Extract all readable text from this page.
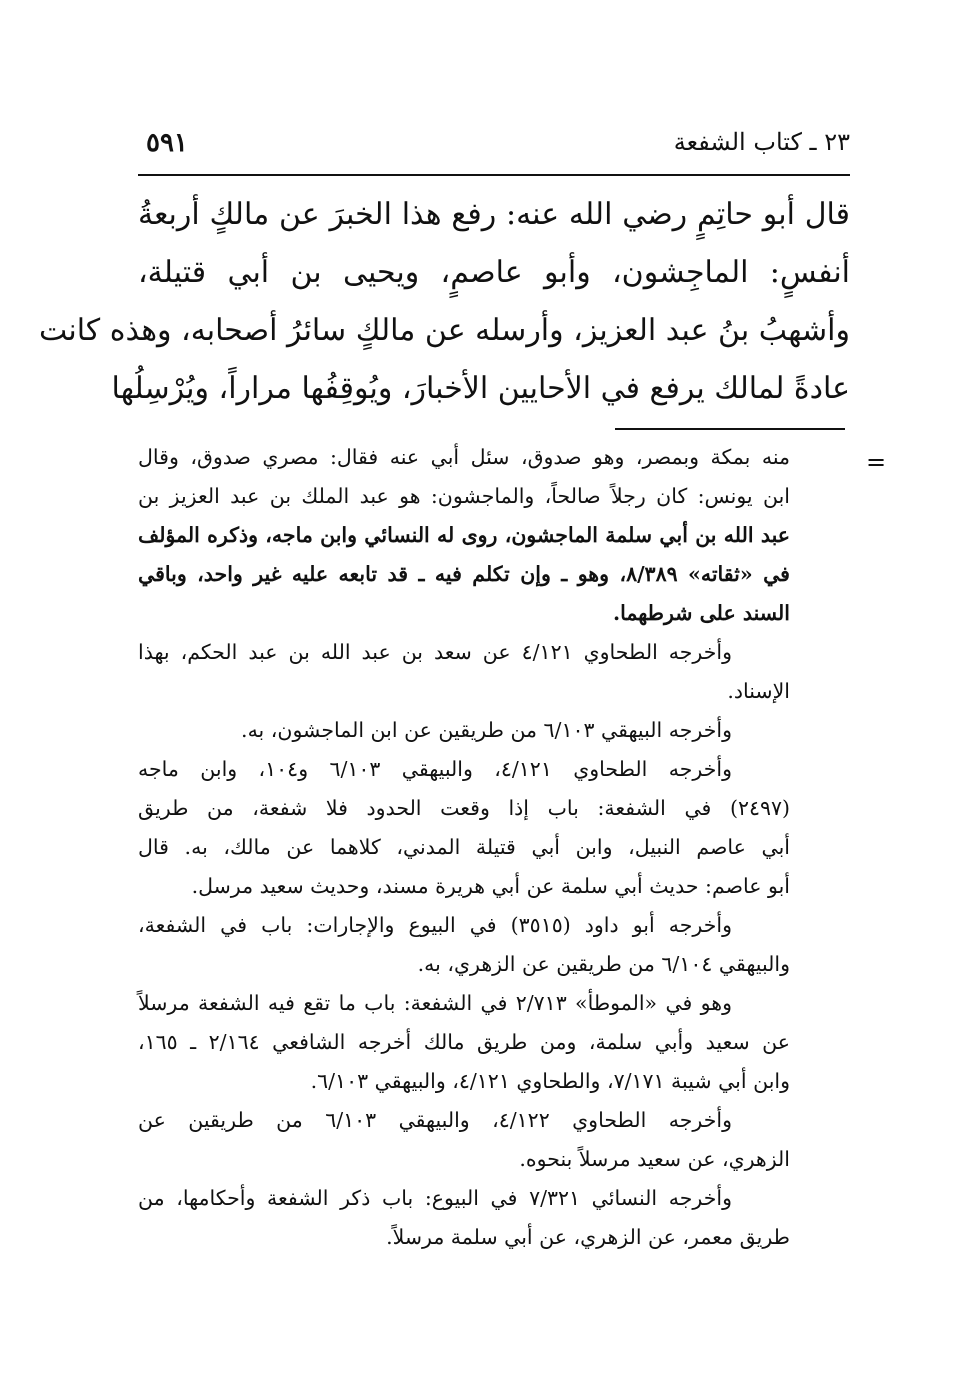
٥٩١	٢٣ ـ كتاب الشفعة
قال أبو حاتِمٍ رضي الله عنه: رفع هذا الخبرَ عن مالكٍ أربعةُ
أنفسٍ: الماجِشون، وأبو عاصمٍ، ويحيى بن أبي قتيلة،
وأشهبُ بنُ عبد العزيز، وأرسله عن مالكٍ سائرُ أصحابه، وهذه كانت
عادةً لمالك يرفع في الأحايين الأخبارَ، ويُوقِفُها مراراً، ويُرْسِلُها
=
منه بمكة وبمصر، وهو صدوق، سئل أبي عنه فقال: مصري صدوق، وقال
ابن يونس: كان رجلاً صالحاً، والماجشون: هو عبد الملك بن عبد العزيز بن
عبد الله بن أبي سلمة الماجشون، روى له النسائي وابن ماجه، وذكره المؤلف
في «ثقاته» ٨/٣٨٩، وهو ـ وإن تكلم فيه ـ قد تابعه عليه غير واحد، وباقي
السند على شرطهما.
وأخرجه الطحاوي ٤/١٢١ عن سعد بن عبد الله بن عبد الحكم، بهذا
الإسناد.
وأخرجه البيهقي ٦/١٠٣ من طريقين عن ابن الماجشون، به.
وأخرجه الطحاوي ٤/١٢١، والبيهقي ٦/١٠٣ و١٠٤، وابن ماجه
(٢٤٩٧) في الشفعة: باب إذا وقعت الحدود فلا شفعة، من طريق
أبي عاصم النبيل، وابن أبي قتيلة المدني، كلاهما عن مالك، به. قال
أبو عاصم: حديث أبي سلمة عن أبي هريرة مسند، وحديث سعيد مرسل.
وأخرجه أبو داود (٣٥١٥) في البيوع والإجارات: باب في الشفعة،
والبيهقي ٦/١٠٤ من طريقين عن الزهري، به.
وهو في «الموطأ» ٢/٧١٣ في الشفعة: باب ما تقع فيه الشفعة مرسلاً
عن سعيد وأبي سلمة، ومن طريق مالك أخرجه الشافعي ٢/١٦٤ ـ ١٦٥،
وابن أبي شيبة ٧/١٧١، والطحاوي ٤/١٢١، والبيهقي ٦/١٠٣.
وأخرجه الطحاوي ٤/١٢٢، والبيهقي ٦/١٠٣ من طريقين عن
الزهري، عن سعيد مرسلاً بنحوه.
وأخرجه النسائي ٧/٣٢١ في البيوع: باب ذكر الشفعة وأحكامها، من
طريق معمر، عن الزهري، عن أبي سلمة مرسلاً.
